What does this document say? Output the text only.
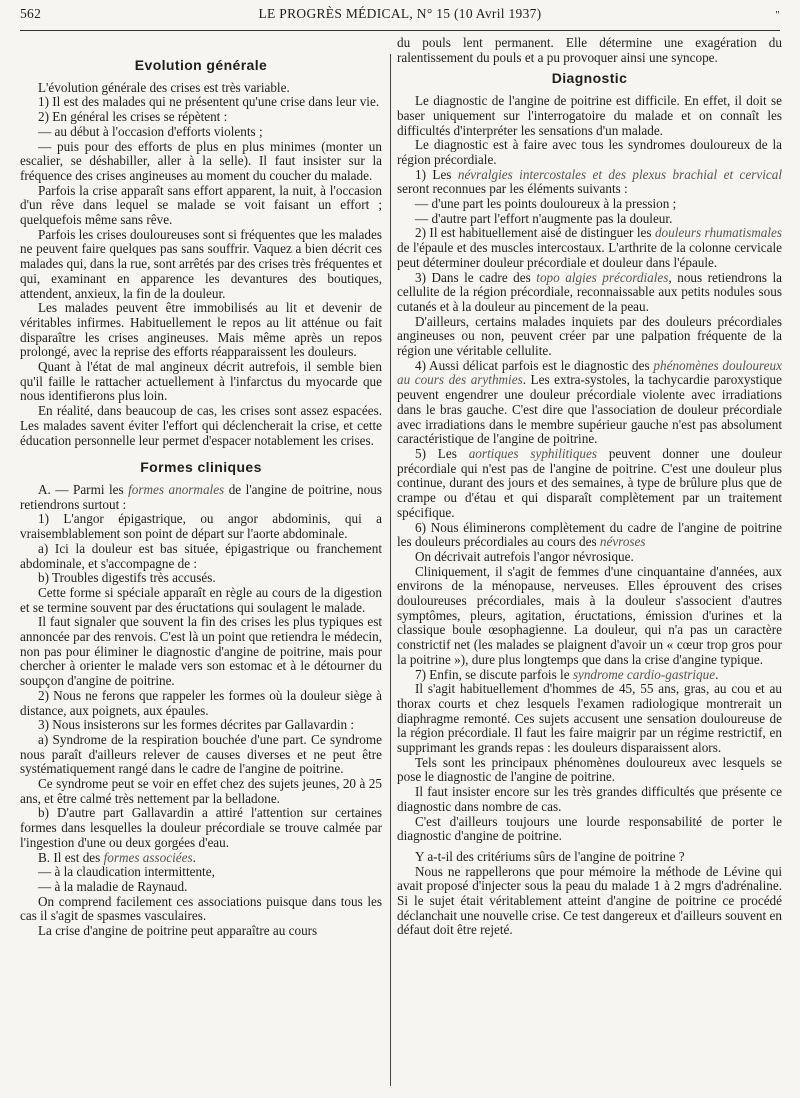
562	LE PROGRÈS MÉDICAL, N° 15 (10 Avril 1937)	"
Evolution générale

L'évolution générale des crises est très variable.

1) Il est des malades qui ne présentent qu'une crise dans leur vie.

2) En général les crises se répètent :

— au début à l'occasion d'efforts violents ;

— puis pour des efforts de plus en plus minimes (monter un escalier, se déshabiller, aller à la selle). Il faut insister sur la fréquence des crises angineuses au moment du coucher du malade.

Parfois la crise apparaît sans effort apparent, la nuit, à l'occasion d'un rêve dans lequel se malade se voit faisant un effort ; quelquefois même sans rêve.

Parfois les crises douloureuses sont si fréquentes que les malades ne peuvent faire quelques pas sans souffrir. Vaquez a bien décrit ces malades qui, dans la rue, sont arrêtés par des crises très fréquentes et qui, examinant en apparence les devantures des boutiques, attendent, anxieux, la fin de la douleur.

Les malades peuvent être immobilisés au lit et devenir de véritables infirmes. Habituellement le repos au lit atténue ou fait disparaître les crises angineuses. Mais même après un repos prolongé, avec la reprise des efforts réapparaissent les douleurs.

Quant à l'état de mal angineux décrit autrefois, il semble bien qu'il faille le rattacher actuellement à l'infarctus du myocarde que nous identifierons plus loin.

En réalité, dans beaucoup de cas, les crises sont assez espacées. Les malades savent éviter l'effort qui déclencherait la crise, et cette éducation personnelle leur permet d'espacer notablement les crises.

Formes cliniques

A. — Parmi les formes anormales de l'angine de poitrine, nous retiendrons surtout :

1) L'angor épigastrique, ou angor abdominis, qui a vraisemblablement son point de départ sur l'aorte abdominale.

a) Ici la douleur est bas située, épigastrique ou franchement abdominale, et s'accompagne de :

b) Troubles digestifs très accusés.

Cette forme si spéciale apparaît en règle au cours de la digestion et se termine souvent par des éructations qui soulagent le malade.

Il faut signaler que souvent la fin des crises les plus typiques est annoncée par des renvois. C'est là un point que retiendra le médecin, non pas pour éliminer le diagnostic d'angine de poitrine, mais pour chercher à orienter le malade vers son estomac et à le détourner du soupçon d'angine de poitrine.

2) Nous ne ferons que rappeler les formes où la douleur siège à distance, aux poignets, aux épaules.

3) Nous insisterons sur les formes décrites par Gallavardin :

a) Syndrome de la respiration bouchée d'une part. Ce syndrome nous paraît d'ailleurs relever de causes diverses et ne peut être systématiquement rangé dans le cadre de l'angine de poitrine.

Ce syndrome peut se voir en effet chez des sujets jeunes, 20 à 25 ans, et être calmé très nettement par la belladone.

b) D'autre part Gallavardin a attiré l'attention sur certaines formes dans lesquelles la douleur précordiale se trouve calmée par l'ingestion d'une ou deux gorgées d'eau.

B. Il est des formes associées.

— à la claudication intermittente,

— à la maladie de Raynaud.

On comprend facilement ces associations puisque dans tous les cas il s'agit de spasmes vasculaires.

La crise d'angine de poitrine peut apparaître au cours

du pouls lent permanent. Elle détermine une exagération du ralentissement du pouls et a pu provoquer ainsi une syncope.

Diagnostic

Le diagnostic de l'angine de poitrine est difficile. En effet, il doit se baser uniquement sur l'interrogatoire du malade et on connaît les difficultés d'interpréter les sensations d'un malade.

Le diagnostic est à faire avec tous les syndromes douloureux de la région précordiale.

1) Les névralgies intercostales et des plexus brachial et cervical seront reconnues par les éléments suivants :

— d'une part les points douloureux à la pression ;

— d'autre part l'effort n'augmente pas la douleur.

2) Il est habituellement aisé de distinguer les douleurs rhumatismales de l'épaule et des muscles intercostaux. L'arthrite de la colonne cervicale peut déterminer douleur précordiale et douleur dans l'épaule.

3) Dans le cadre des topo algies précordiales, nous retiendrons la cellulite de la région précordiale, reconnaissable aux petits nodules sous cutanés et à la douleur au pincement de la peau.

D'ailleurs, certains malades inquiets par des douleurs précordiales angineuses ou non, peuvent créer par une palpation fréquente de la région une véritable cellulite.

4) Aussi délicat parfois est le diagnostic des phénomènes douloureux au cours des arythmies. Les extra-systoles, la tachycardie paroxystique peuvent engendrer une douleur précordiale violente avec irradiations dans le bras gauche. C'est dire que l'association de douleur précordiale avec irradiations dans le membre supérieur gauche n'est pas absolument caractéristique de l'angine de poitrine.

5) Les aortiques syphilitiques peuvent donner une douleur précordiale qui n'est pas de l'angine de poitrine. C'est une douleur plus continue, durant des jours et des semaines, à type de brûlure plus que de crampe ou d'étau et qui disparaît complètement par un traitement spécifique.

6) Nous éliminerons complètement du cadre de l'angine de poitrine les douleurs précordiales au cours des névroses

On décrivait autrefois l'angor névrosique.

Cliniquement, il s'agit de femmes d'une cinquantaine d'années, aux environs de la ménopause, nerveuses. Elles éprouvent des crises douloureuses précordiales, mais à la douleur s'associent d'autres symptômes, pleurs, agitation, éructations, émission d'urines et la classique boule œsophagienne. La douleur, qui n'a pas un caractère constrictif net (les malades se plaignent d'avoir un « cœur trop gros pour la poitrine »), dure plus longtemps que dans la crise d'angine typique.

7) Enfin, se discute parfois le syndrome cardio-gastrique.

Il s'agit habituellement d'hommes de 45, 55 ans, gras, au cou et au thorax courts et chez lesquels l'examen radiologique montrerait un diaphragme remonté. Ces sujets accusent une sensation douloureuse de la région précordiale. Il faut les faire maigrir par un régime restrictif, en supprimant les grands repas : les douleurs disparaissent alors.

Tels sont les principaux phénomènes douloureux avec lesquels se pose le diagnostic de l'angine de poitrine.

Il faut insister encore sur les très grandes difficultés que présente ce diagnostic dans nombre de cas.

C'est d'ailleurs toujours une lourde responsabilité de porter le diagnostic d'angine de poitrine.

Y a-t-il des critériums sûrs de l'angine de poitrine ?

Nous ne rappellerons que pour mémoire la méthode de Lévine qui avait proposé d'injecter sous la peau du malade 1 à 2 mgrs d'adrénaline. Si le sujet était véritablement atteint d'angine de poitrine ce procédé déclanchait une nouvelle crise. Ce test dangereux et d'ailleurs souvent en défaut doit être rejeté.
